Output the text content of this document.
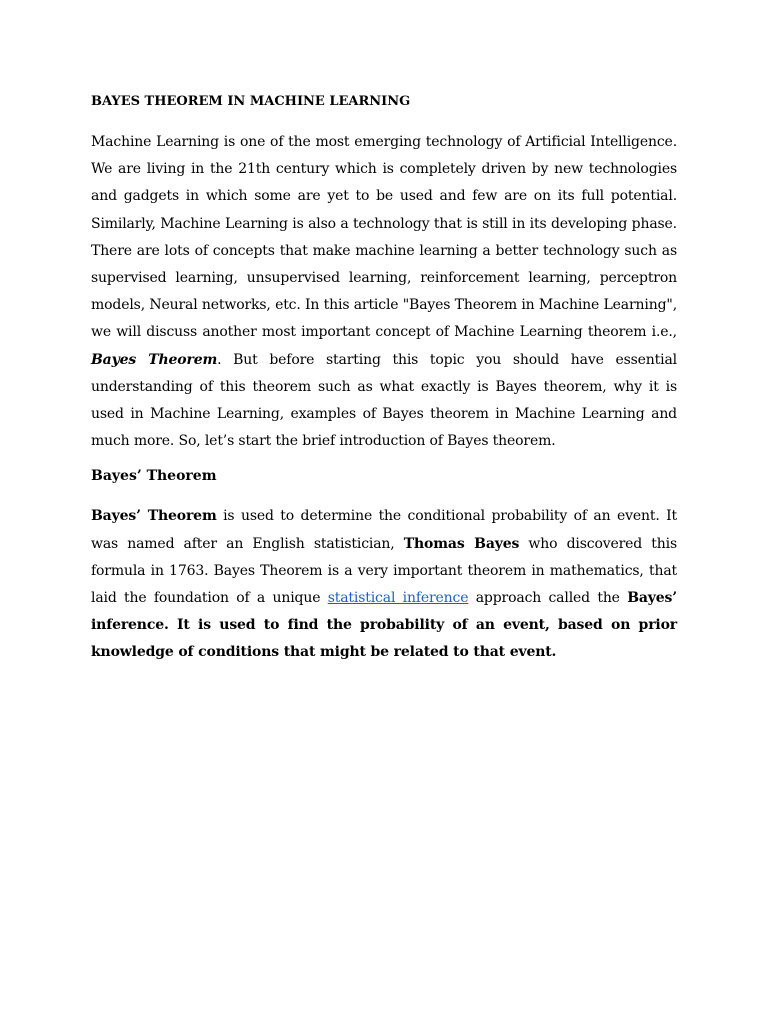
BAYES THEOREM IN MACHINE LEARNING

Machine Learning is one of the most emerging technology of Artificial Intelligence. We are living in the 21th century which is completely driven by new technologies and gadgets in which some are yet to be used and few are on its full potential. Similarly, Machine Learning is also a technology that is still in its developing phase. There are lots of concepts that make machine learning a better technology such as supervised learning, unsupervised learning, reinforcement learning, perceptron models, Neural networks, etc. In this article "Bayes Theorem in Machine Learning", we will discuss another most important concept of Machine Learning theorem i.e., Bayes Theorem. But before starting this topic you should have essential understanding of this theorem such as what exactly is Bayes theorem, why it is used in Machine Learning, examples of Bayes theorem in Machine Learning and much more. So, let’s start the brief introduction of Bayes theorem.

Bayes’ Theorem

Bayes’ Theorem is used to determine the conditional probability of an event. It was named after an English statistician, Thomas Bayes who discovered this formula in 1763. Bayes Theorem is a very important theorem in mathematics, that laid the foundation of a unique statistical inference approach called the Bayes’ inference. It is used to find the probability of an event, based on prior knowledge of conditions that might be related to that event.
